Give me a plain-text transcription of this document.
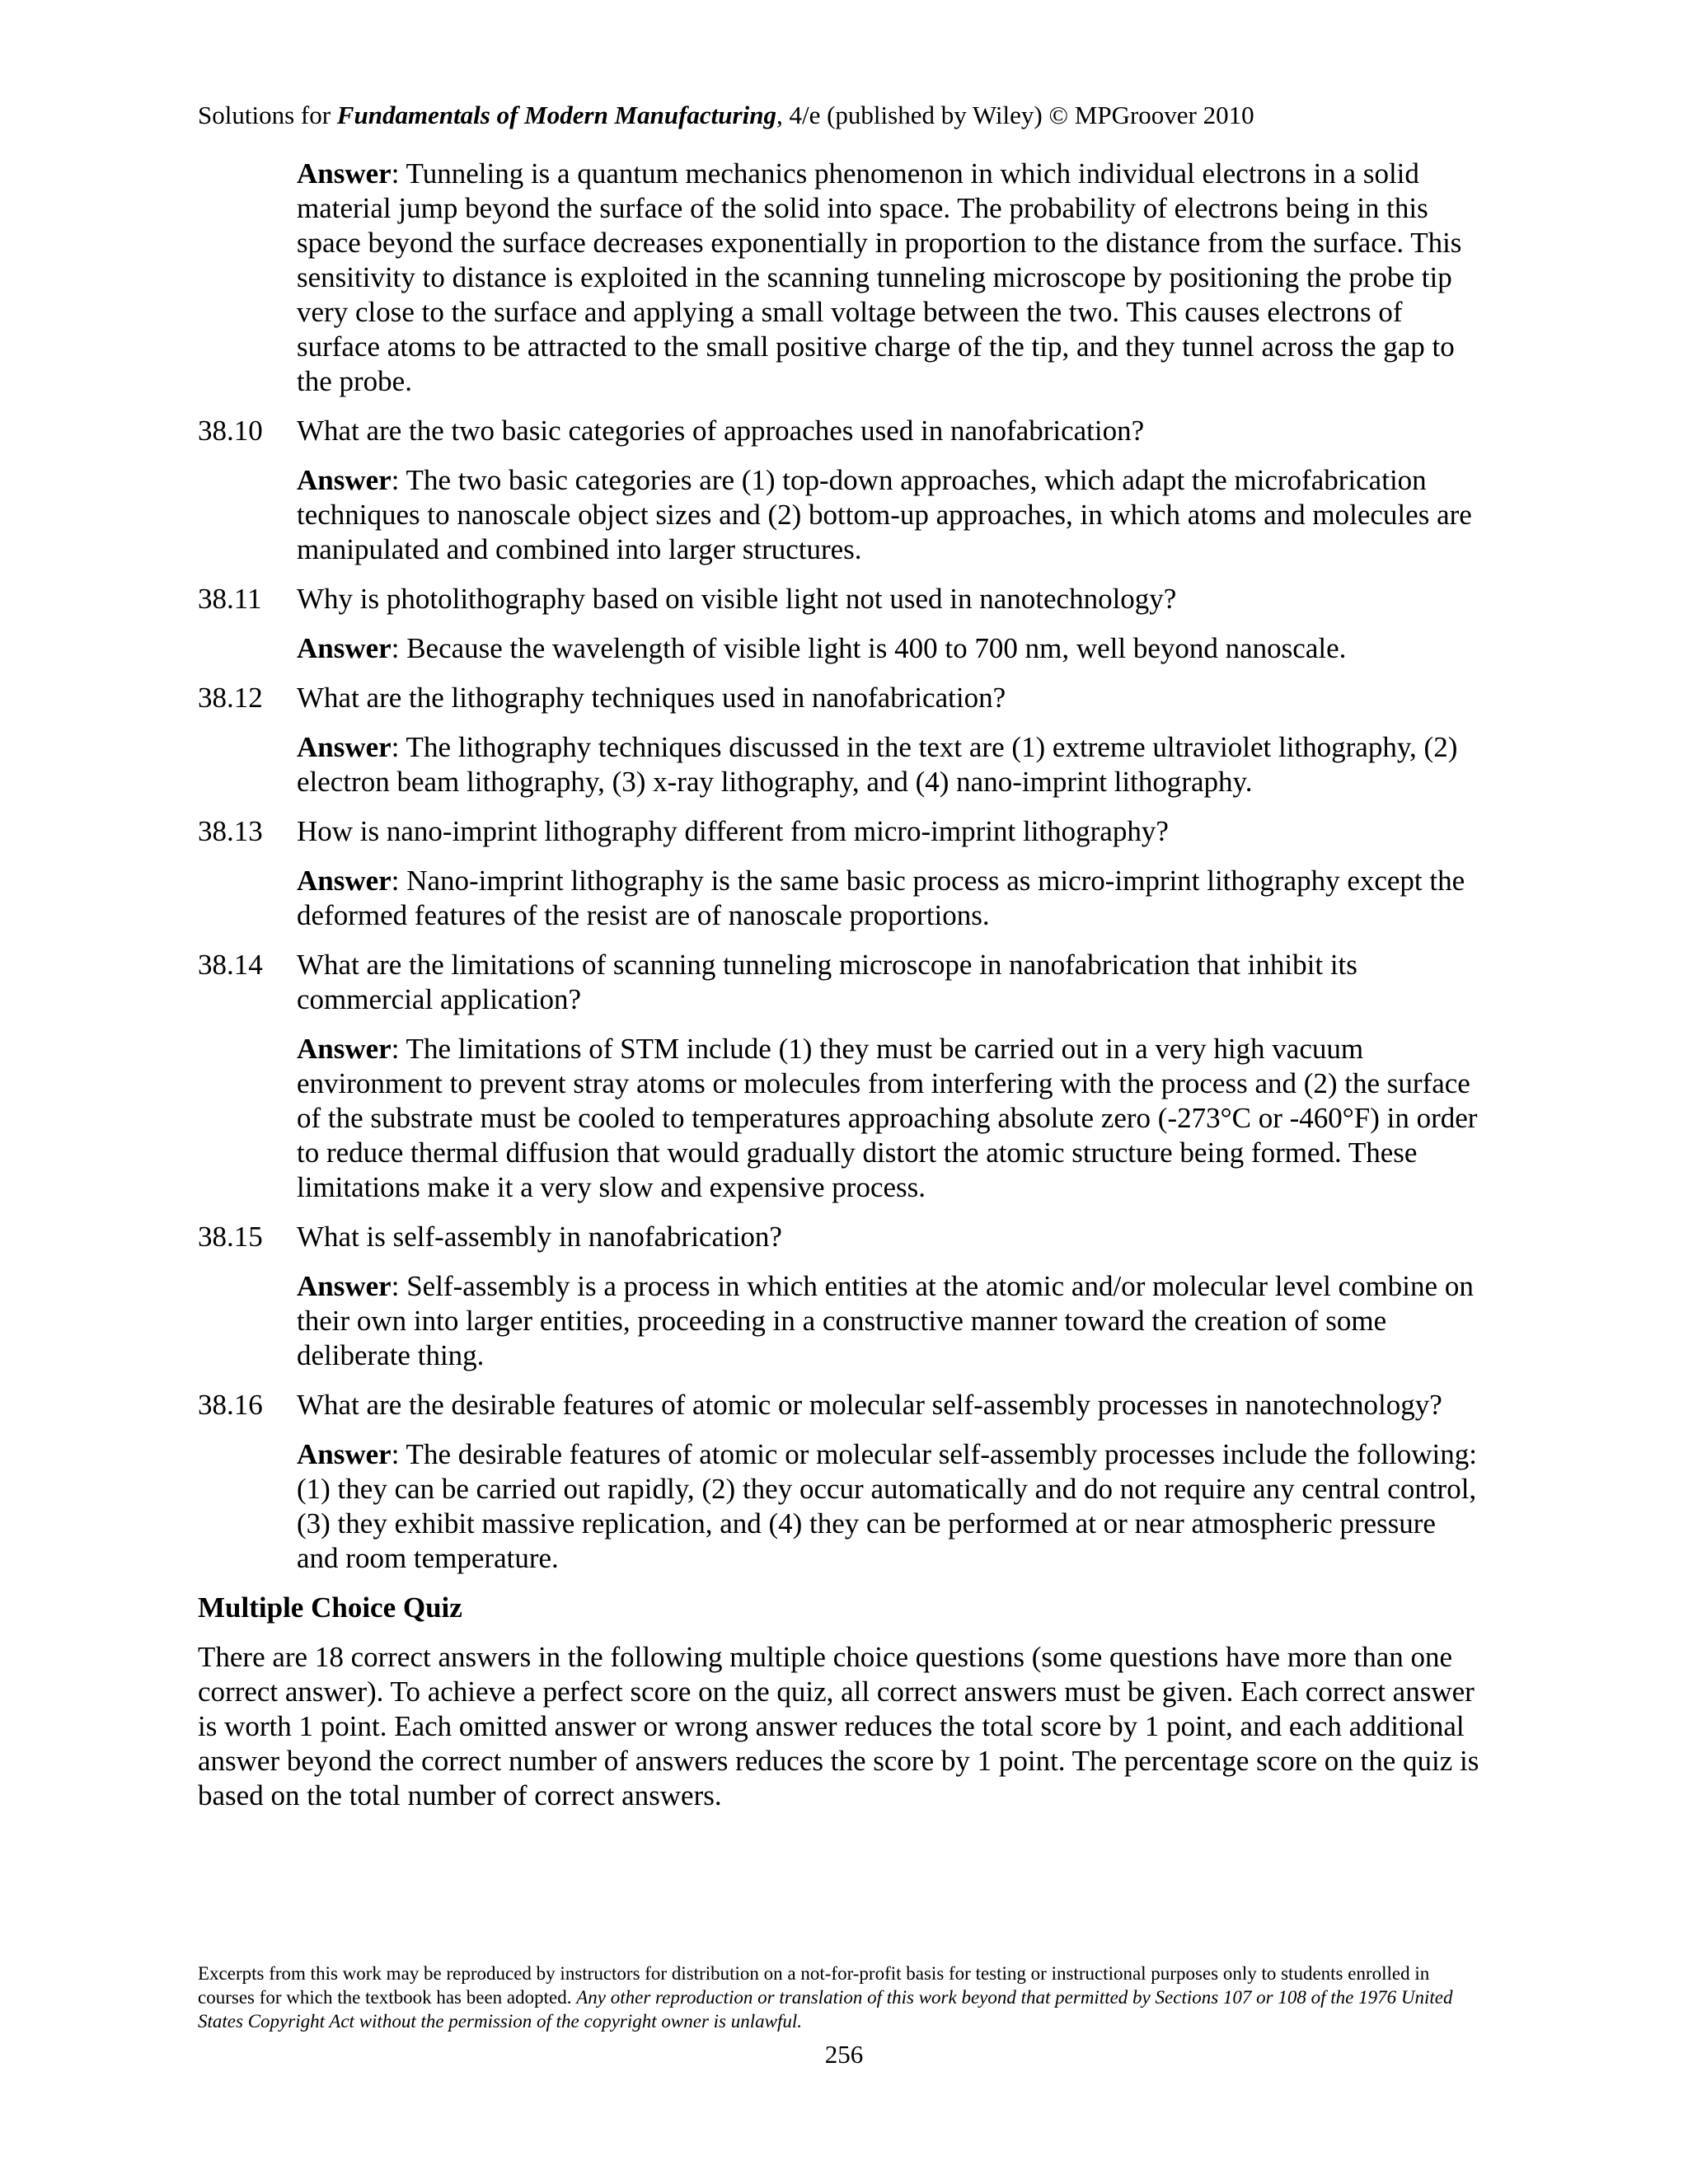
Solutions for Fundamentals of Modern Manufacturing, 4/e (published by Wiley) © MPGroover 2010
Answer: Tunneling is a quantum mechanics phenomenon in which individual electrons in a solid material jump beyond the surface of the solid into space. The probability of electrons being in this space beyond the surface decreases exponentially in proportion to the distance from the surface. This sensitivity to distance is exploited in the scanning tunneling microscope by positioning the probe tip very close to the surface and applying a small voltage between the two. This causes electrons of surface atoms to be attracted to the small positive charge of the tip, and they tunnel across the gap to the probe.
38.10	What are the two basic categories of approaches used in nanofabrication?
Answer: The two basic categories are (1) top-down approaches, which adapt the microfabrication techniques to nanoscale object sizes and (2) bottom-up approaches, in which atoms and molecules are manipulated and combined into larger structures.
38.11	Why is photolithography based on visible light not used in nanotechnology?
Answer: Because the wavelength of visible light is 400 to 700 nm, well beyond nanoscale.
38.12	What are the lithography techniques used in nanofabrication?
Answer: The lithography techniques discussed in the text are (1) extreme ultraviolet lithography, (2) electron beam lithography, (3) x-ray lithography, and (4) nano-imprint lithography.
38.13	How is nano-imprint lithography different from micro-imprint lithography?
Answer: Nano-imprint lithography is the same basic process as micro-imprint lithography except the deformed features of the resist are of nanoscale proportions.
38.14	What are the limitations of scanning tunneling microscope in nanofabrication that inhibit its commercial application?
Answer: The limitations of STM include (1) they must be carried out in a very high vacuum environment to prevent stray atoms or molecules from interfering with the process and (2) the surface of the substrate must be cooled to temperatures approaching absolute zero (-273°C or -460°F) in order to reduce thermal diffusion that would gradually distort the atomic structure being formed. These limitations make it a very slow and expensive process.
38.15	What is self-assembly in nanofabrication?
Answer: Self-assembly is a process in which entities at the atomic and/or molecular level combine on their own into larger entities, proceeding in a constructive manner toward the creation of some deliberate thing.
38.16	What are the desirable features of atomic or molecular self-assembly processes in nanotechnology?
Answer: The desirable features of atomic or molecular self-assembly processes include the following: (1) they can be carried out rapidly, (2) they occur automatically and do not require any central control, (3) they exhibit massive replication, and (4) they can be performed at or near atmospheric pressure and room temperature.
Multiple Choice Quiz

There are 18 correct answers in the following multiple choice questions (some questions have more than one correct answer). To achieve a perfect score on the quiz, all correct answers must be given. Each correct answer is worth 1 point. Each omitted answer or wrong answer reduces the total score by 1 point, and each additional answer beyond the correct number of answers reduces the score by 1 point. The percentage score on the quiz is based on the total number of correct answers.

Excerpts from this work may be reproduced by instructors for distribution on a not-for-profit basis for testing or instructional purposes only to students enrolled in courses for which the textbook has been adopted. Any other reproduction or translation of this work beyond that permitted by Sections 107 or 108 of the 1976 United States Copyright Act without the permission of the copyright owner is unlawful.
256
